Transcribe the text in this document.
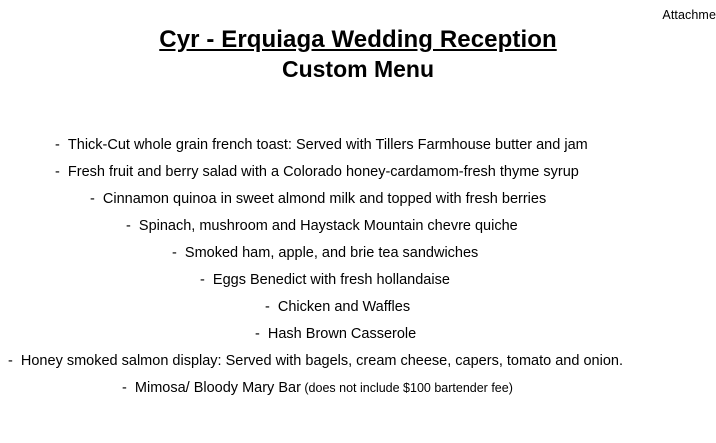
Attachme
Cyr - Erquiaga Wedding Reception
Custom Menu
- Thick-Cut whole grain french toast: Served with Tillers Farmhouse butter and jam
- Fresh fruit and berry salad with a Colorado honey-cardamom-fresh thyme syrup
- Cinnamon quinoa in sweet almond milk and topped with fresh berries
- Spinach, mushroom and Haystack Mountain chevre quiche
- Smoked ham, apple, and brie tea sandwiches
- Eggs Benedict with fresh hollandaise
- Chicken and Waffles
- Hash Brown Casserole
- Honey smoked salmon display: Served with bagels, cream cheese, capers, tomato and onion.
- Mimosa/ Bloody Mary Bar (does not include $100 bartender fee)
